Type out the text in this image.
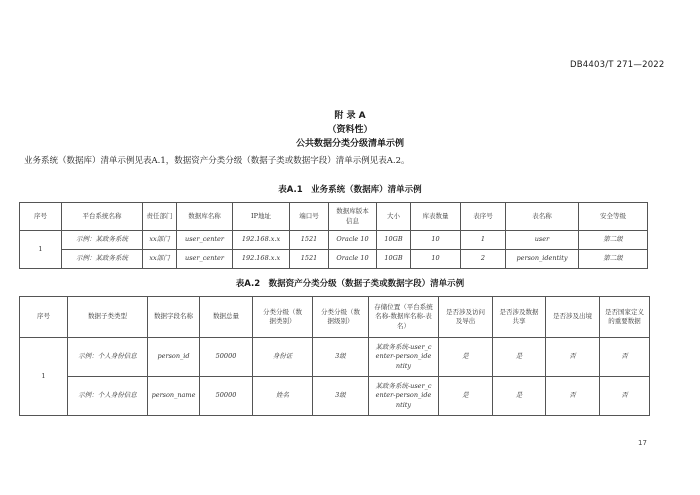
DB4403/T 271—2022
附 录 A
（资料性）
公共数据分类分级清单示例
业务系统（数据库）清单示例见表A.1，数据资产分类分级（数据子类或数据字段）清单示例见表A.2。
表A.1　业务系统（数据库）清单示例
序号	平台系统名称	责任部门	数据库名称	IP地址	端口号	数据库版本信息	大小	库表数量	表序号	表名称	安全等级
1	示例：某政务系统	xx部门	user_center	192.168.x.x	1521	Oracle 10	10GB	10	1	user	第二级
	示例：某政务系统	xx部门	user_center	192.168.x.x	1521	Oracle 10	10GB	10	2	person_identity	第二级
表A.2　数据资产分类分级（数据子类或数据字段）清单示例
序号	数据子类类型	数据字段名称	数据总量	分类分级（数据类别）	分类分级（数据级别）	存储位置（平台系统名称-数据库名称-表名）	是否涉及访问及导出	是否涉及数据共享	是否涉及出境	是否国家定义的重要数据
1	示例：个人身份信息	person_id	50000	身份证	3级	某政务系统-user_center-person_identity	是	是	否	否
	示例：个人身份信息	person_name	50000	姓名	3级	某政务系统-user_center-person_identity	是	是	否	否
17
